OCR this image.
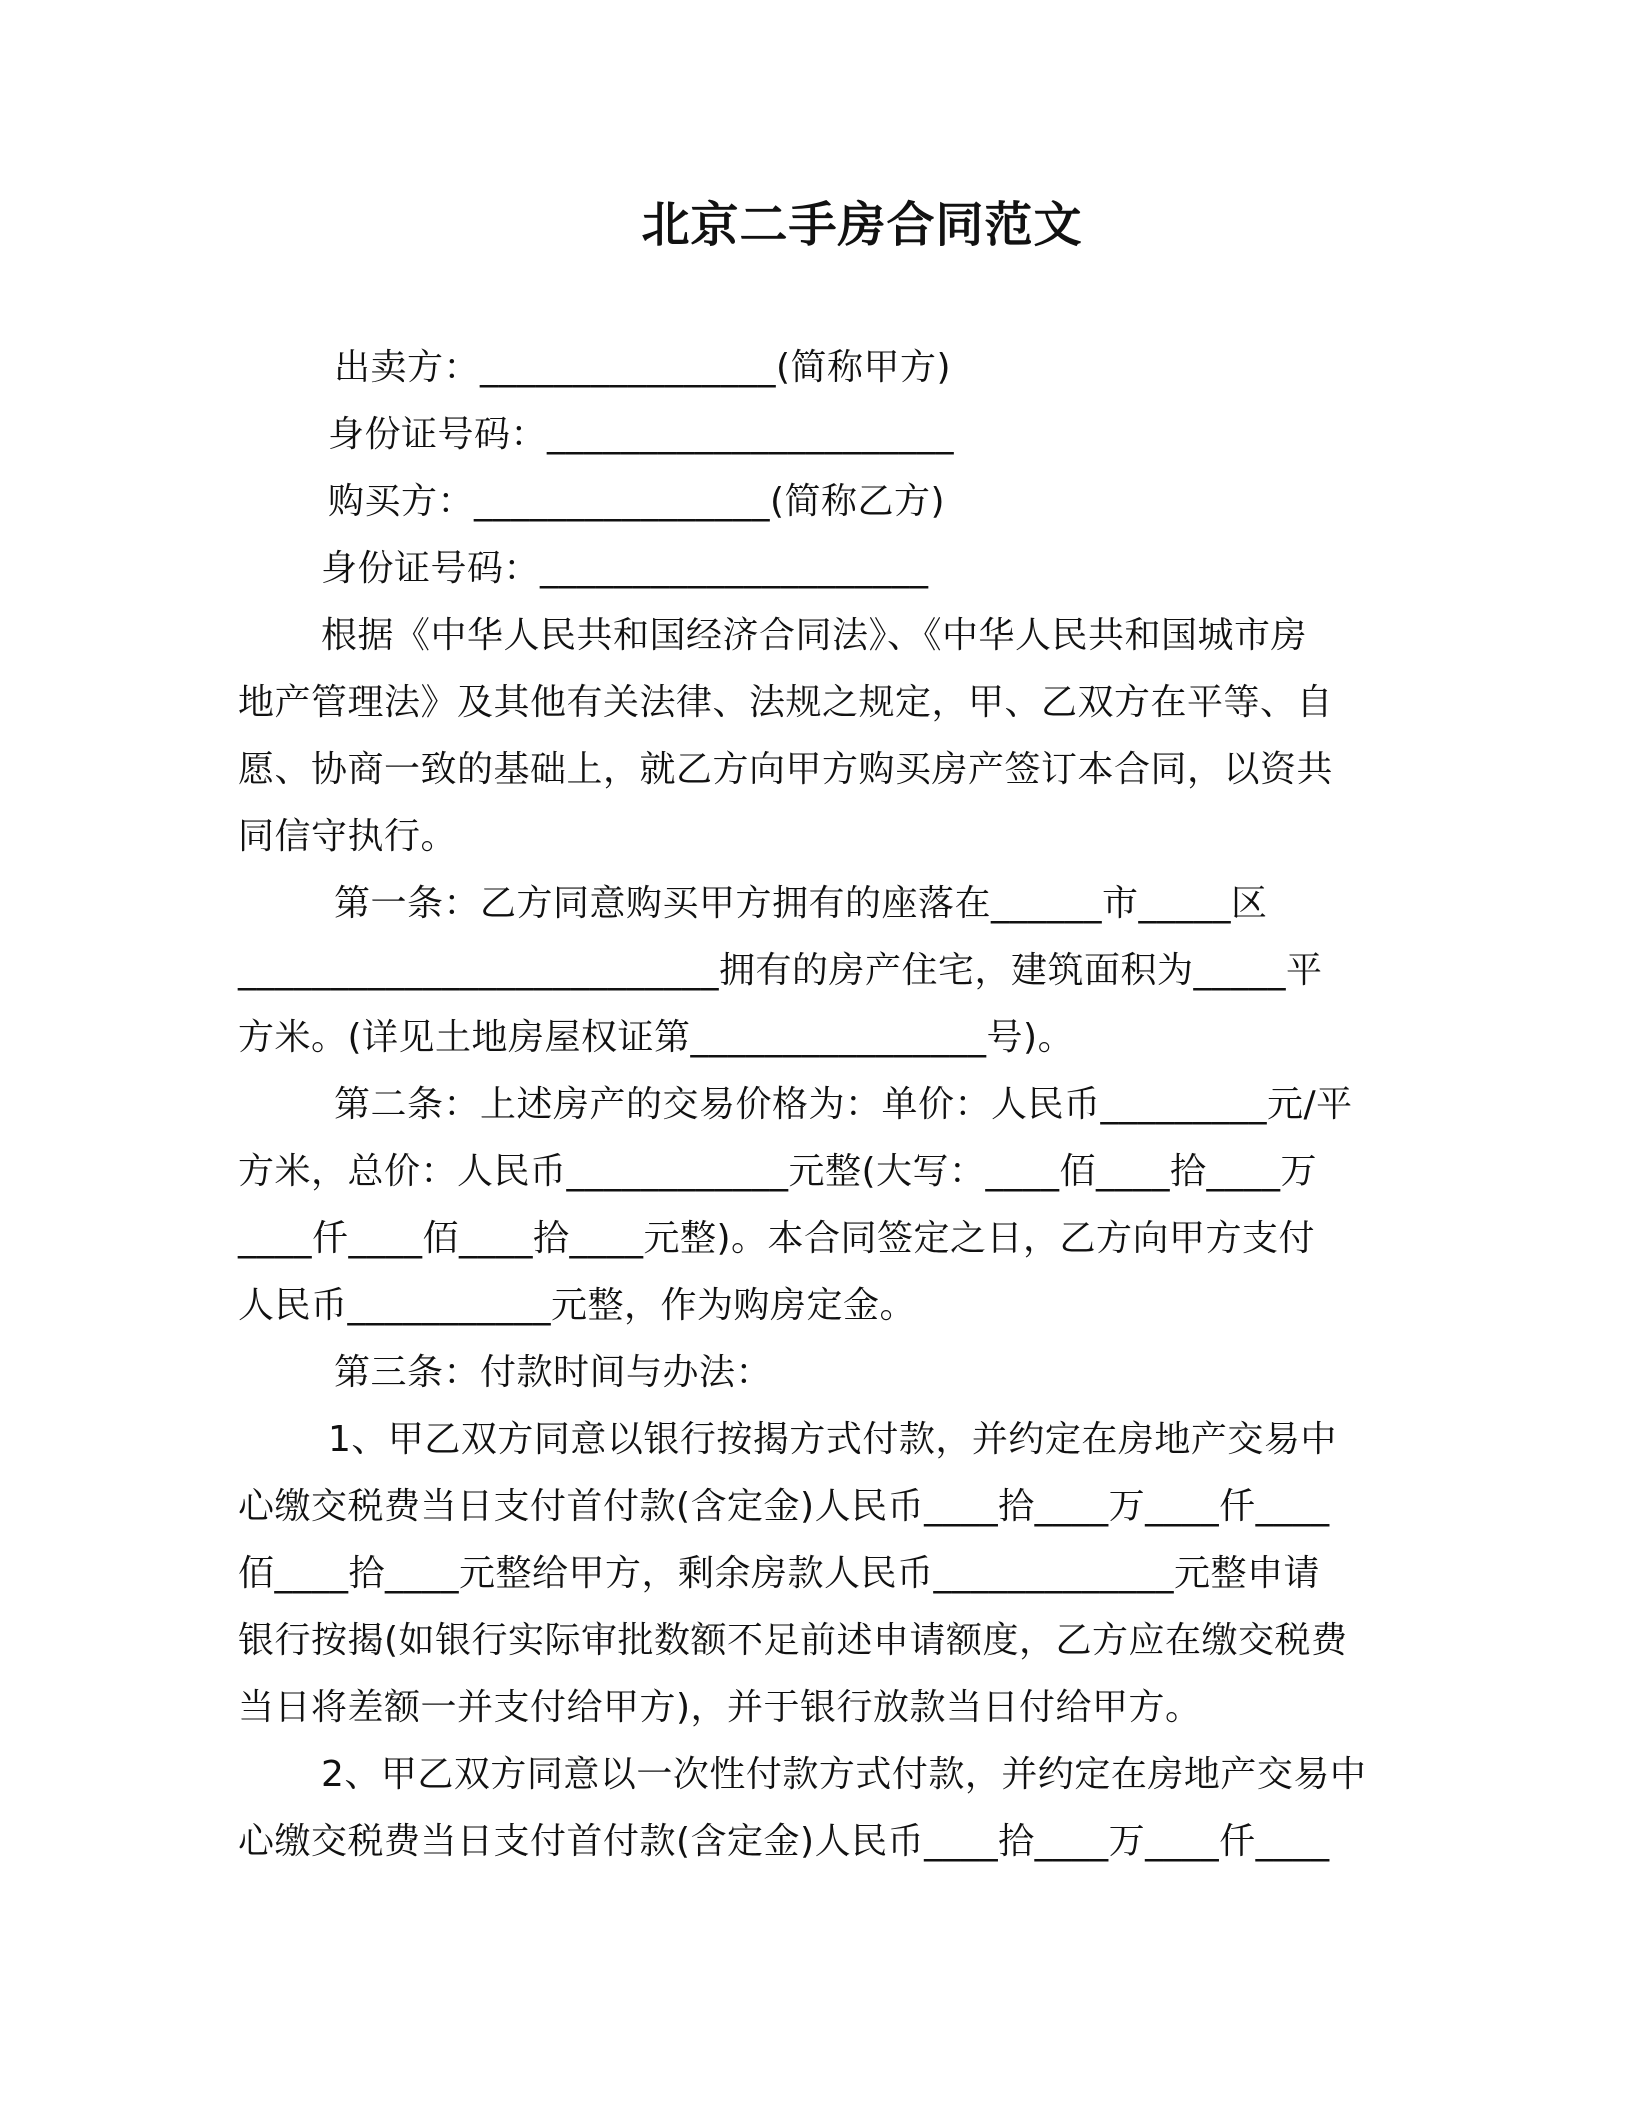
北京二手房合同范文
出卖方：________________(简称甲方)
身份证号码：______________________
购买方：________________(简称乙方)
身份证号码：_____________________
根据《中华人民共和国经济合同法》、《中华人民共和国城市房
地产管理法》及其他有关法律、法规之规定，甲、乙双方在平等、自
愿、协商一致的基础上，就乙方向甲方购买房产签订本合同，以资共
同信守执行。
第一条：乙方同意购买甲方拥有的座落在______市_____区
__________________________拥有的房产住宅，建筑面积为_____平
方米。(详见土地房屋权证第________________号)。
第二条：上述房产的交易价格为：单价：人民币_________元/平
方米，总价：人民币____________元整(大写：____佰____拾____万
____仟____佰____拾____元整)。本合同签定之日，乙方向甲方支付
人民币___________元整，作为购房定金。
第三条：付款时间与办法：
1、甲乙双方同意以银行按揭方式付款，并约定在房地产交易中
心缴交税费当日支付首付款(含定金)人民币____拾____万____仟____
佰____拾____元整给甲方，剩余房款人民币_____________元整申请
银行按揭(如银行实际审批数额不足前述申请额度，乙方应在缴交税费
当日将差额一并支付给甲方)，并于银行放款当日付给甲方。
2、甲乙双方同意以一次性付款方式付款，并约定在房地产交易中
心缴交税费当日支付首付款(含定金)人民币____拾____万____仟____
